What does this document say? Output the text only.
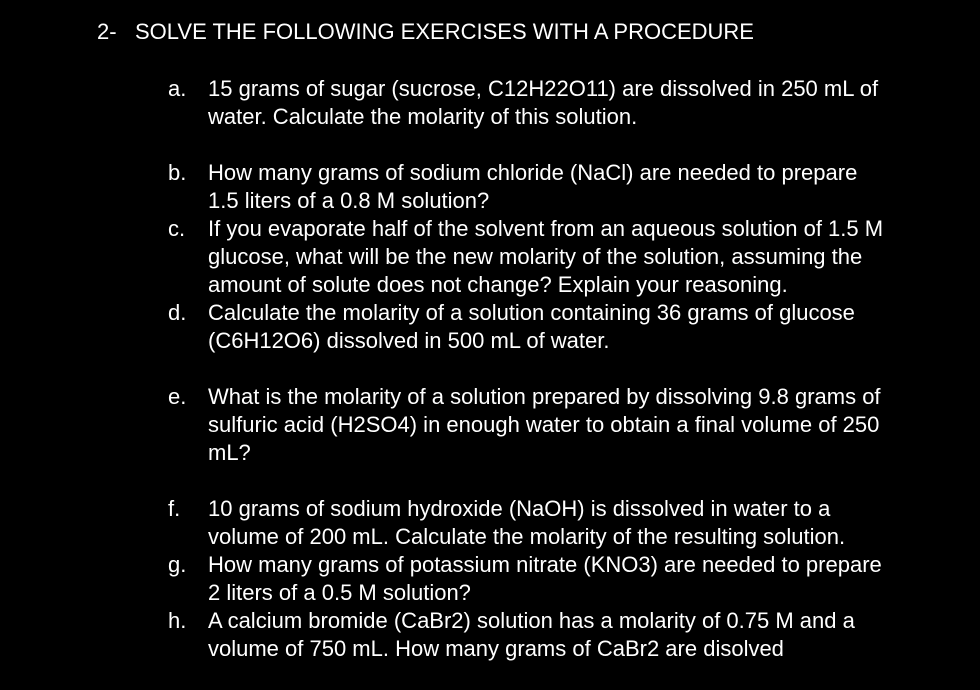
2- SOLVE THE FOLLOWING EXERCISES WITH A PROCEDURE
a. 15 grams of sugar (sucrose, C12H22O11) are dissolved in 250 mL of
water. Calculate the molarity of this solution.
b. How many grams of sodium chloride (NaCl) are needed to prepare
1.5 liters of a 0.8 M solution?
c.	If you evaporate half of the solvent from an aqueous solution of 1.5 M
glucose, what will be the new molarity of the solution, assuming the
amount of solute does not change? Explain your reasoning.
d. Calculate the molarity of a solution containing 36 grams of glucose
(C6H12O6) dissolved in 500 mL of water.
e. What is the molarity of a solution prepared by dissolving 9.8 grams of
sulfuric acid (H2SO4) in enough water to obtain a final volume of 250
mL?
f.	10 grams of sodium hydroxide (NaOH) is dissolved in water to a
volume of 200 mL. Calculate the molarity of the resulting solution.
g. How many grams of potassium nitrate (KNO3) are needed to prepare
2 liters of a 0.5 M solution?
h. A calcium bromide (CaBr2) solution has a molarity of 0.75 M and a
volume of 750 mL. How many grams of CaBr2 are disolved
